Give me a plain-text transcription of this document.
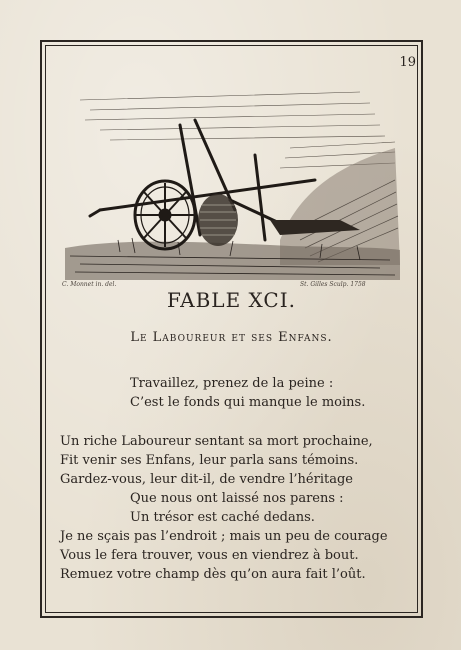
19
C. Monnet in. del.	St. Gilles Sculp. 1758
FABLE XCI.
Le Laboureur et ses Enfans.
Travaillez, prenez de la peine :
C’est le fonds qui manque le moins.
Un riche Laboureur sentant sa mort prochaine,
Fit venir ses Enfans, leur parla sans témoins.
Gardez-vous, leur dit-il, de vendre l’héritage
Que nous ont laissé nos parens :
Un trésor est caché dedans.
Je ne sçais pas l’endroit ; mais un peu de courage
Vous le fera trouver, vous en viendrez à bout.
Remuez votre champ dès qu’on aura fait l’oût.
